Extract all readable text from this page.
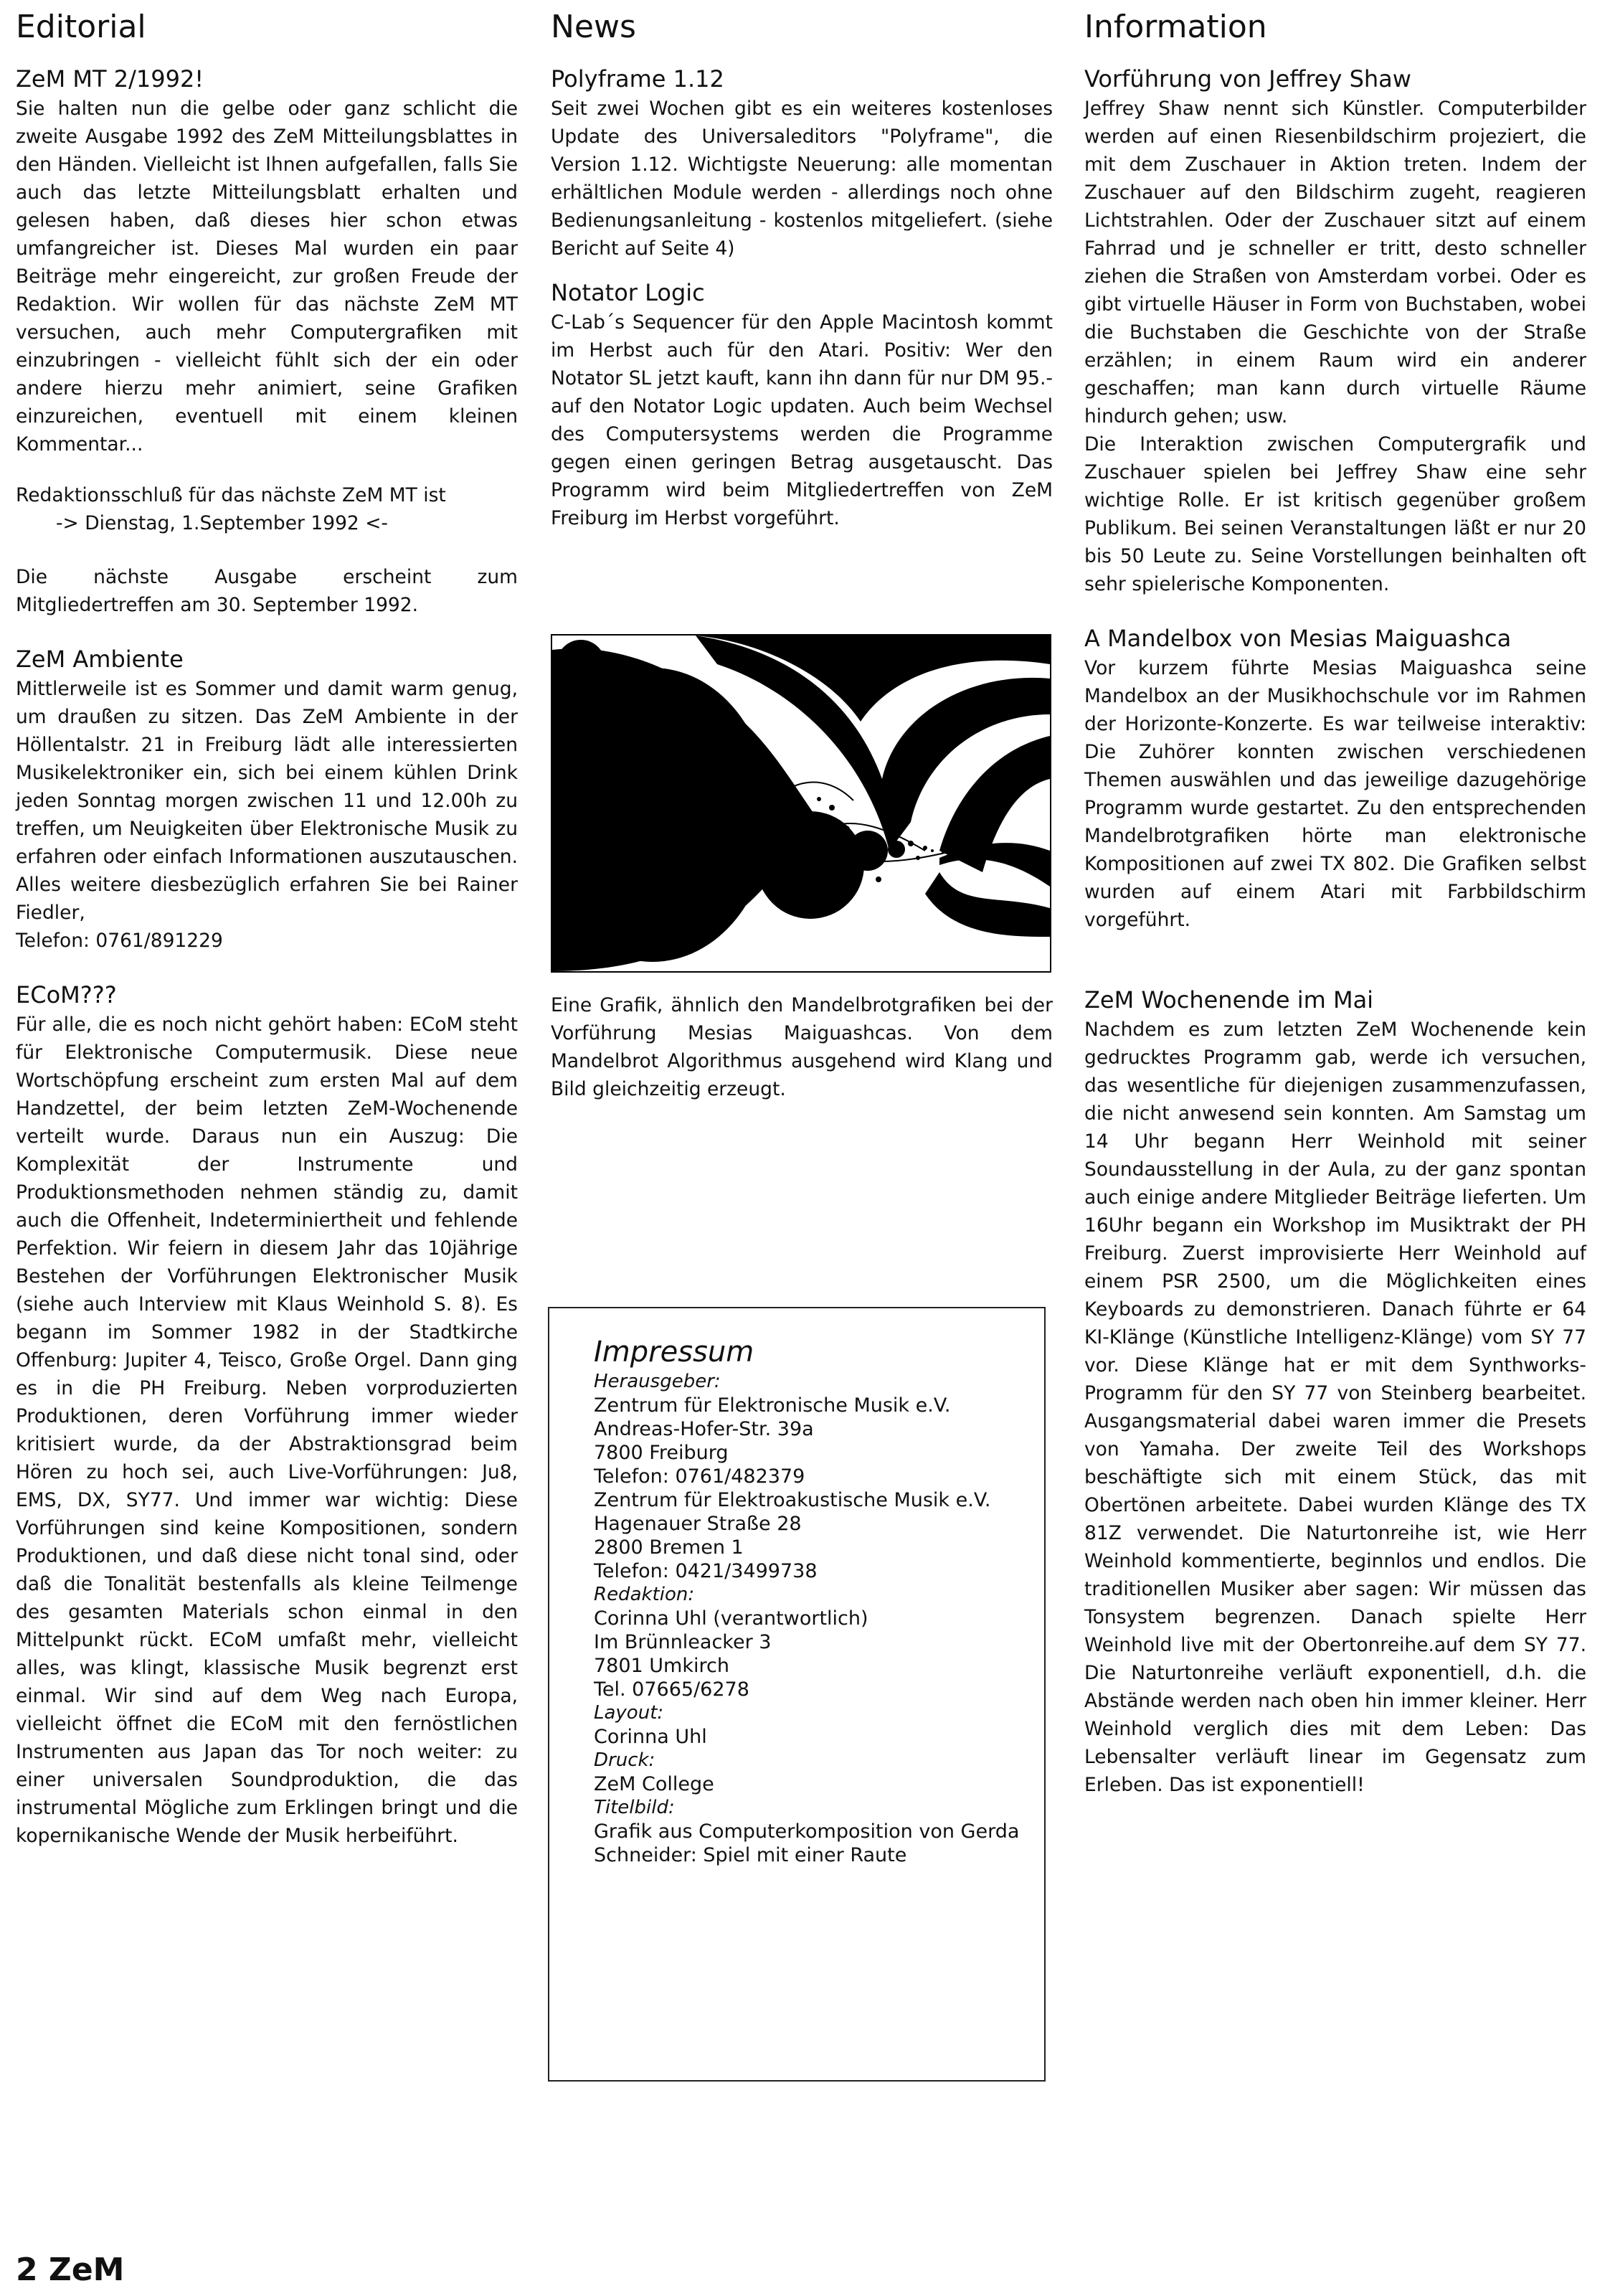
Editorial
ZeM MT 2/1992!

Sie halten nun die gelbe oder ganz schlicht die zweite Ausgabe 1992 des ZeM Mitteilungsblattes in den Händen. Vielleicht ist Ihnen aufgefallen, falls Sie auch das letzte Mitteilungsblatt erhalten und gelesen haben, daß dieses hier schon etwas umfangreicher ist. Dieses Mal wurden ein paar Beiträge mehr eingereicht, zur großen Freude der Redaktion. Wir wollen für das nächste ZeM MT versuchen, auch mehr Computergrafiken mit einzubringen - vielleicht fühlt sich der ein oder andere hierzu mehr animiert, seine Grafiken einzureichen, eventuell mit einem kleinen Kommentar...

Redaktionsschluß für das nächste ZeM MT ist

-> Dienstag, 1.September 1992 <-

Die nächste Ausgabe erscheint zum Mitgliedertreffen am 30. September 1992.

ZeM Ambiente

Mittlerweile ist es Sommer und damit warm genug, um draußen zu sitzen. Das ZeM Ambiente in der Höllentalstr. 21 in Freiburg lädt alle interessierten Musikelektroniker ein, sich bei einem kühlen Drink jeden Sonntag morgen zwischen 11 und 12.00h zu treffen, um Neuigkeiten über Elektronische Musik zu erfahren oder einfach Informationen auszutauschen. Alles weitere diesbezüglich erfahren Sie bei Rainer Fiedler,

Telefon: 0761/891229

ECoM???

Für alle, die es noch nicht gehört haben: ECoM steht für Elektronische Computermusik. Diese neue Wortschöpfung erscheint zum ersten Mal auf dem Handzettel, der beim letzten ZeM-Wochenende verteilt wurde. Daraus nun ein Auszug: Die Komplexität der Instrumente und Produktionsmethoden nehmen ständig zu, damit auch die Offenheit, Indeterminiertheit und fehlende Perfektion. Wir feiern in diesem Jahr das 10jährige Bestehen der Vorführungen Elektronischer Musik (siehe auch Interview mit Klaus Weinhold S. 8). Es begann im Sommer 1982 in der Stadtkirche Offenburg: Jupiter 4, Teisco, Große Orgel. Dann ging es in die PH Freiburg. Neben vorproduzierten Produktionen, deren Vorführung immer wieder kritisiert wurde, da der Abstraktionsgrad beim Hören zu hoch sei, auch Live-Vorführungen: Ju8, EMS, DX, SY77. Und immer war wichtig: Diese Vorführungen sind keine Kompositionen, sondern Produktionen, und daß diese nicht tonal sind, oder daß die Tonalität bestenfalls als kleine Teilmenge des gesamten Materials schon einmal in den Mittelpunkt rückt. ECoM umfaßt mehr, vielleicht alles, was klingt, klassische Musik begrenzt erst einmal. Wir sind auf dem Weg nach Europa, vielleicht öffnet die ECoM mit den fernöstlichen Instrumenten aus Japan das Tor noch weiter: zu einer universalen Soundproduktion, die das instrumental Mögliche zum Erklingen bringt und die kopernikanische Wende der Musik herbeiführt.

News
Polyframe 1.12

Seit zwei Wochen gibt es ein weiteres kostenloses Update des Universaleditors "Polyframe", die Version 1.12. Wichtigste Neuerung: alle momentan erhältlichen Module werden - allerdings noch ohne Bedienungsanleitung - kostenlos mitgeliefert. (siehe Bericht auf Seite 4)

Notator Logic

C-Lab´s Sequencer für den Apple Macintosh kommt im Herbst auch für den Atari. Positiv: Wer den Notator SL jetzt kauft, kann ihn dann für nur DM 95.- auf den Notator Logic updaten. Auch beim Wechsel des Computersystems werden die Programme gegen einen geringen Betrag ausgetauscht. Das Programm wird beim Mitgliedertreffen von ZeM Freiburg im Herbst vorgeführt.

Eine Grafik, ähnlich den Mandelbrotgrafiken bei der Vorführung Mesias Maiguashcas. Von dem Mandelbrot Algorithmus ausgehend wird Klang und Bild gleichzeitig erzeugt.

Impressum
Herausgeber:
Zentrum für Elektronische Musik e.V.
Andreas-Hofer-Str. 39a
7800 Freiburg
Telefon: 0761/482379
Zentrum für Elektroakustische Musik e.V.
Hagenauer Straße 28
2800 Bremen 1
Telefon: 0421/3499738
Redaktion:
Corinna Uhl (verantwortlich)
Im Brünnleacker 3
7801 Umkirch
Tel. 07665/6278
Layout:
Corinna Uhl
Druck:
ZeM College
Titelbild:
Grafik aus Computerkomposition von Gerda
Schneider: Spiel mit einer Raute
Information
Vorführung von Jeffrey Shaw

Jeffrey Shaw nennt sich Künstler. Computerbilder werden auf einen Riesenbildschirm projeziert, die mit dem Zuschauer in Aktion treten. Indem der Zuschauer auf den Bildschirm zugeht, reagieren Lichtstrahlen. Oder der Zuschauer sitzt auf einem Fahrrad und je schneller er tritt, desto schneller ziehen die Straßen von Amsterdam vorbei. Oder es gibt virtuelle Häuser in Form von Buchstaben, wobei die Buchstaben die Geschichte von der Straße erzählen; in einem Raum wird ein anderer geschaffen; man kann durch virtuelle Räume hindurch gehen; usw.

Die Interaktion zwischen Computergrafik und Zuschauer spielen bei Jeffrey Shaw eine sehr wichtige Rolle. Er ist kritisch gegenüber großem Publikum. Bei seinen Veranstaltungen läßt er nur 20 bis 50 Leute zu. Seine Vorstellungen beinhalten oft sehr spielerische Komponenten.

A Mandelbox von Mesias Maiguashca

Vor kurzem führte Mesias Maiguashca seine Mandelbox an der Musikhochschule vor im Rahmen der Horizonte-Konzerte. Es war teilweise interaktiv: Die Zuhörer konnten zwischen verschiedenen Themen auswählen und das jeweilige dazugehörige Programm wurde gestartet. Zu den entsprechenden Mandelbrotgrafiken hörte man elektronische Kompositionen auf zwei TX 802. Die Grafiken selbst wurden auf einem Atari mit Farbbildschirm vorgeführt.

ZeM Wochenende im Mai

Nachdem es zum letzten ZeM Wochenende kein gedrucktes Programm gab, werde ich versuchen, das wesentliche für diejenigen zusammenzufassen, die nicht anwesend sein konnten. Am Samstag um 14 Uhr begann Herr Weinhold mit seiner Soundausstellung in der Aula, zu der ganz spontan auch einige andere Mitglieder Beiträge lieferten. Um 16Uhr begann ein Workshop im Musiktrakt der PH Freiburg. Zuerst improvisierte Herr Weinhold auf einem PSR 2500, um die Möglichkeiten eines Keyboards zu demonstrieren. Danach führte er 64 KI-Klänge (Künstliche Intelligenz-Klänge) vom SY 77 vor. Diese Klänge hat er mit dem Synthworks-Programm für den SY 77 von Steinberg bearbeitet. Ausgangsmaterial dabei waren immer die Presets von Yamaha. Der zweite Teil des Workshops beschäftigte sich mit einem Stück, das mit Obertönen arbeitete. Dabei wurden Klänge des TX 81Z verwendet. Die Naturtonreihe ist, wie Herr Weinhold kommentierte, beginnlos und endlos. Die traditionellen Musiker aber sagen: Wir müssen das Tonsystem begrenzen. Danach spielte Herr Weinhold live mit der Obertonreihe.auf dem SY 77. Die Naturtonreihe verläuft exponentiell, d.h. die Abstände werden nach oben hin immer kleiner. Herr Weinhold verglich dies mit dem Leben: Das Lebensalter verläuft linear im Gegensatz zum Erleben. Das ist exponentiell!

2 ZeM
